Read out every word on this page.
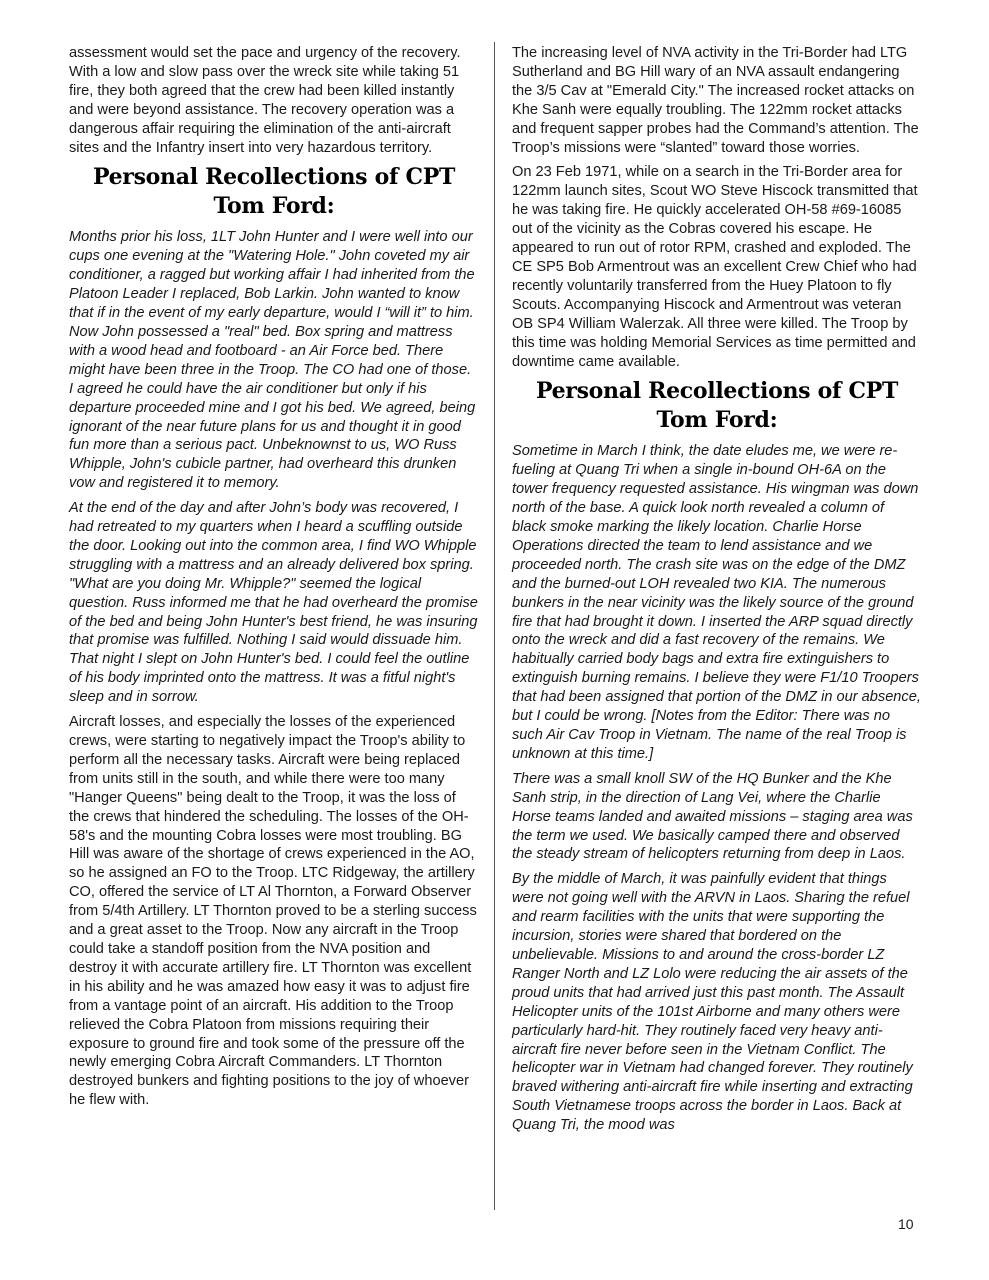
assessment would set the pace and urgency of the recovery. With a low and slow pass over the wreck site while taking 51 fire, they both agreed that the crew had been killed instantly and were beyond assistance. The recovery operation was a dangerous affair requiring the elimination of the anti-aircraft sites and the Infantry insert into very hazardous territory.

Personal Recollections of CPT Tom Ford:

Months prior his loss, 1LT John Hunter and I were well into our cups one evening at the "Watering Hole." John coveted my air conditioner, a ragged but working affair I had inherited from the Platoon Leader I replaced, Bob Larkin. John wanted to know that if in the event of my early departure, would I “will it” to him. Now John possessed a "real" bed. Box spring and mattress with a wood head and footboard - an Air Force bed. There might have been three in the Troop. The CO had one of those. I agreed he could have the air conditioner but only if his departure proceeded mine and I got his bed. We agreed, being ignorant of the near future plans for us and thought it in good fun more than a serious pact. Unbeknownst to us, WO Russ Whipple, John's cubicle partner, had overheard this drunken vow and registered it to memory.

At the end of the day and after John’s body was recovered, I had retreated to my quarters when I heard a scuffling outside the door. Looking out into the common area, I find WO Whipple struggling with a mattress and an already delivered box spring. "What are you doing Mr. Whipple?" seemed the logical question. Russ informed me that he had overheard the promise of the bed and being John Hunter's best friend, he was insuring that promise was fulfilled. Nothing I said would dissuade him. That night I slept on John Hunter's bed. I could feel the outline of his body imprinted onto the mattress. It was a fitful night's sleep and in sorrow.

Aircraft losses, and especially the losses of the experienced crews, were starting to negatively impact the Troop's ability to perform all the necessary tasks. Aircraft were being replaced from units still in the south, and while there were too many "Hanger Queens" being dealt to the Troop, it was the loss of the crews that hindered the scheduling. The losses of the OH-58's and the mounting Cobra losses were most troubling. BG Hill was aware of the shortage of crews experienced in the AO, so he assigned an FO to the Troop. LTC Ridgeway, the artillery CO, offered the service of LT Al Thornton, a Forward Observer from 5/4th Artillery. LT Thornton proved to be a sterling success and a great asset to the Troop. Now any aircraft in the Troop could take a standoff position from the NVA position and destroy it with accurate artillery fire. LT Thornton was excellent in his ability and he was amazed how easy it was to adjust fire from a vantage point of an aircraft. His addition to the Troop relieved the Cobra Platoon from missions requiring their exposure to ground fire and took some of the pressure off the newly emerging Cobra Aircraft Commanders. LT Thornton destroyed bunkers and fighting positions to the joy of whoever he flew with.

The increasing level of NVA activity in the Tri-Border had LTG Sutherland and BG Hill wary of an NVA assault endangering the 3/5 Cav at "Emerald City." The increased rocket attacks on Khe Sanh were equally troubling. The 122mm rocket attacks and frequent sapper probes had the Command’s attention. The Troop’s missions were “slanted” toward those worries.

On 23 Feb 1971, while on a search in the Tri-Border area for 122mm launch sites, Scout WO Steve Hiscock transmitted that he was taking fire. He quickly accelerated OH-58 #69-16085 out of the vicinity as the Cobras covered his escape. He appeared to run out of rotor RPM, crashed and exploded. The CE SP5 Bob Armentrout was an excellent Crew Chief who had recently voluntarily transferred from the Huey Platoon to fly Scouts. Accompanying Hiscock and Armentrout was veteran OB SP4 William Walerzak. All three were killed. The Troop by this time was holding Memorial Services as time permitted and downtime came available.

Personal Recollections of CPT Tom Ford:

Sometime in March I think, the date eludes me, we were re-fueling at Quang Tri when a single in-bound OH-6A on the tower frequency requested assistance. His wingman was down north of the base. A quick look north revealed a column of black smoke marking the likely location. Charlie Horse Operations directed the team to lend assistance and we proceeded north. The crash site was on the edge of the DMZ and the burned-out LOH revealed two KIA. The numerous bunkers in the near vicinity was the likely source of the ground fire that had brought it down. I inserted the ARP squad directly onto the wreck and did a fast recovery of the remains. We habitually carried body bags and extra fire extinguishers to extinguish burning remains. I believe they were F1/10 Troopers that had been assigned that portion of the DMZ in our absence, but I could be wrong. [Notes from the Editor: There was no such Air Cav Troop in Vietnam. The name of the real Troop is unknown at this time.]

There was a small knoll SW of the HQ Bunker and the Khe Sanh strip, in the direction of Lang Vei, where the Charlie Horse teams landed and awaited missions – staging area was the term we used. We basically camped there and observed the steady stream of helicopters returning from deep in Laos.

By the middle of March, it was painfully evident that things were not going well with the ARVN in Laos. Sharing the refuel and rearm facilities with the units that were supporting the incursion, stories were shared that bordered on the unbelievable. Missions to and around the cross-border LZ Ranger North and LZ Lolo were reducing the air assets of the proud units that had arrived just this past month. The Assault Helicopter units of the 101st Airborne and many others were particularly hard-hit. They routinely faced very heavy anti-aircraft fire never before seen in the Vietnam Conflict. The helicopter war in Vietnam had changed forever. They routinely braved withering anti-aircraft fire while inserting and extracting South Vietnamese troops across the border in Laos. Back at Quang Tri, the mood was

10
